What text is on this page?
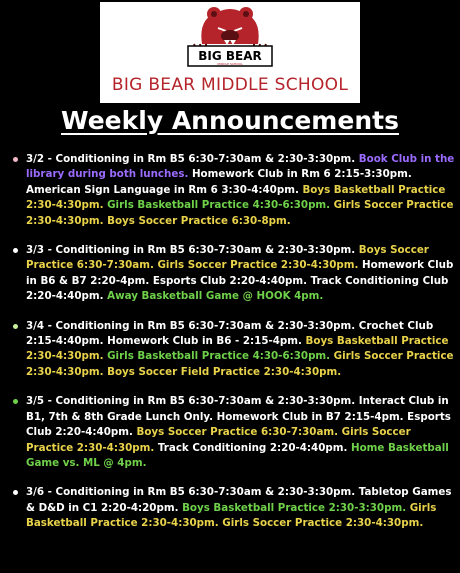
BIG BEAR
MIDDLE SCHOOL
BIG BEAR MIDDLE SCHOOL
Weekly Announcements
3/2 - Conditioning in Rm B5 6:30-7:30am & 2:30-3:30pm. Book Club in the library during both lunches. Homework Club in Rm 6 2:15-3:30pm. American Sign Language in Rm 6 3:30-4:40pm. Boys Basketball Practice 2:30-4:30pm. Girls Basketball Practice 4:30-6:30pm. Girls Soccer Practice 2:30-4:30pm. Boys Soccer Practice 6:30-8pm.
3/3 - Conditioning in Rm B5 6:30-7:30am & 2:30-3:30pm. Boys Soccer Practice 6:30-7:30am. Girls Soccer Practice 2:30-4:30pm. Homework Club in B6 & B7 2:20-4pm. Esports Club 2:20-4:40pm. Track Conditioning Club 2:20-4:40pm. Away Basketball Game @ HOOK 4pm.
3/4 - Conditioning in Rm B5 6:30-7:30am & 2:30-3:30pm. Crochet Club 2:15-4:40pm. Homework Club in B6 - 2:15-4pm. Boys Basketball Practice 2:30-4:30pm. Girls Basketball Practice 4:30-6:30pm. Girls Soccer Practice 2:30-4:30pm. Boys Soccer Field Practice 2:30-4:30pm.
3/5 - Conditioning in Rm B5 6:30-7:30am & 2:30-3:30pm. Interact Club in B1, 7th & 8th Grade Lunch Only. Homework Club in B7 2:15-4pm. Esports Club 2:20-4:40pm. Boys Soccer Practice 6:30-7:30am. Girls Soccer Practice 2:30-4:30pm. Track Conditioning 2:20-4:40pm. Home Basketball Game vs. ML @ 4pm.
3/6 - Conditioning in Rm B5 6:30-7:30am & 2:30-3:30pm. Tabletop Games & D&D in C1 2:20-4:20pm. Boys Basketball Practice 2:30-3:30pm. Girls Basketball Practice 2:30-4:30pm. Girls Soccer Practice 2:30-4:30pm.
